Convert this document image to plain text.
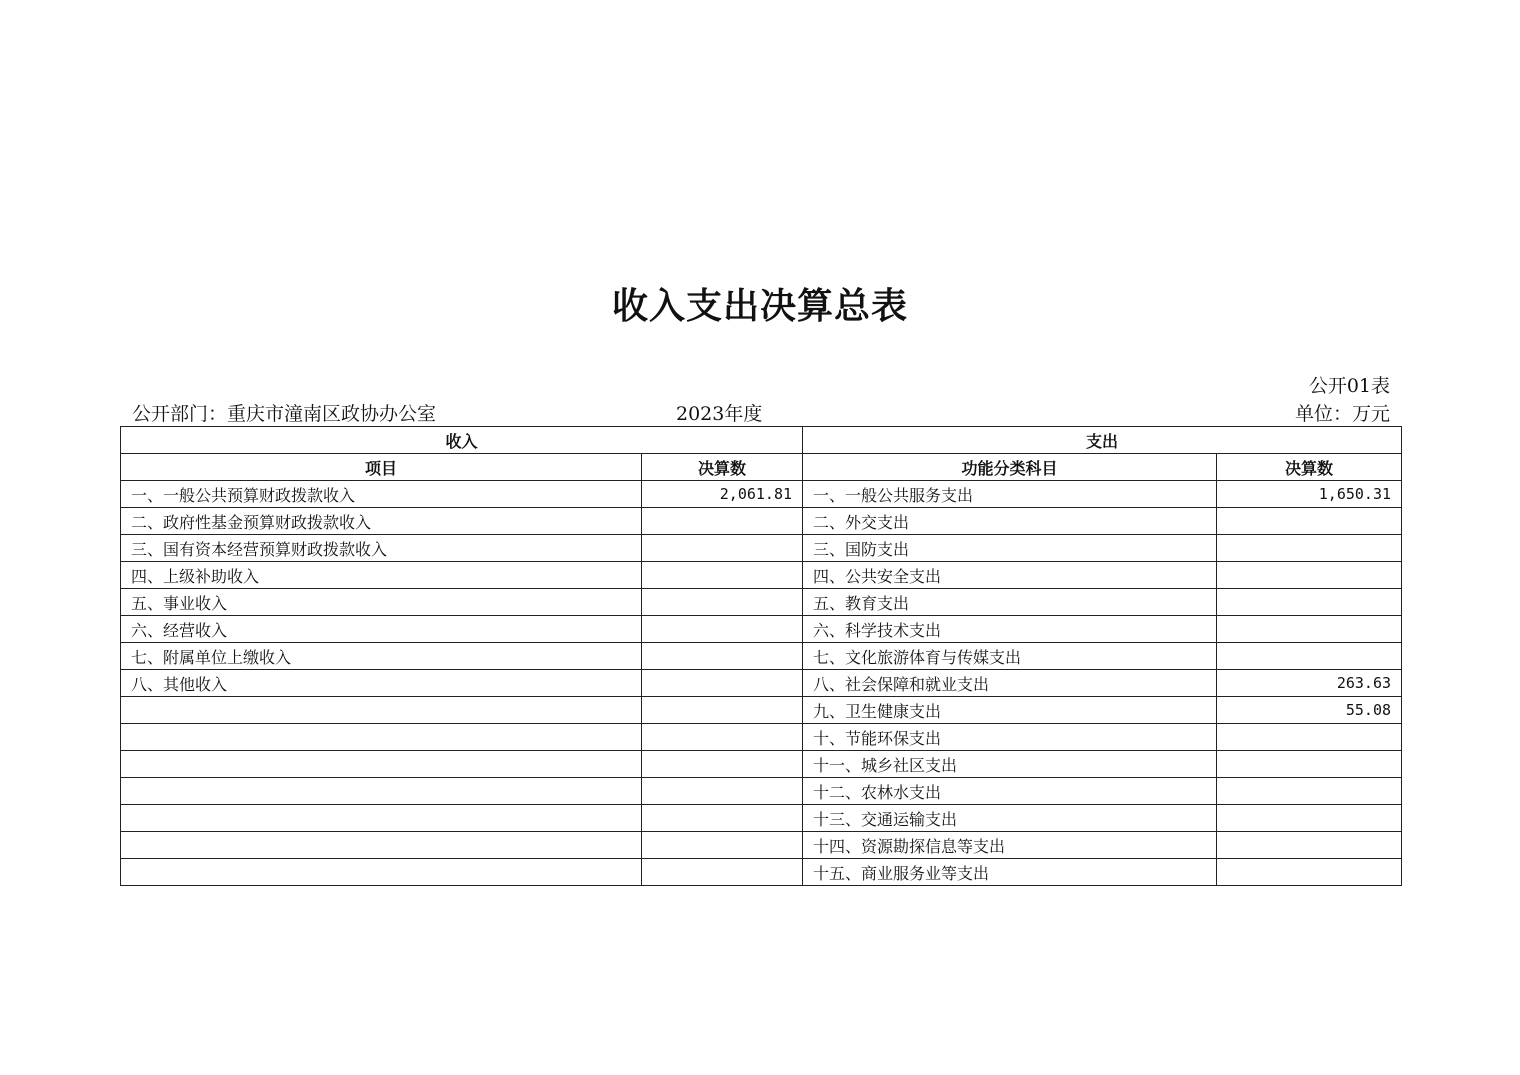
收入支出决算总表
公开01表
公开部门：重庆市潼南区政协办公室	2023年度	单位：万元
收入		支出	
项目	决算数	功能分类科目	决算数
一、一般公共预算财政拨款收入	2,061.81	一、一般公共服务支出	1,650.31
二、政府性基金预算财政拨款收入		二、外交支出	
三、国有资本经营预算财政拨款收入		三、国防支出	
四、上级补助收入		四、公共安全支出	
五、事业收入		五、教育支出	
六、经营收入		六、科学技术支出	
七、附属单位上缴收入		七、文化旅游体育与传媒支出	
八、其他收入		八、社会保障和就业支出	263.63
		九、卫生健康支出	55.08
		十、节能环保支出	
		十一、城乡社区支出	
		十二、农林水支出	
		十三、交通运输支出	
		十四、资源勘探信息等支出	
		十五、商业服务业等支出	
